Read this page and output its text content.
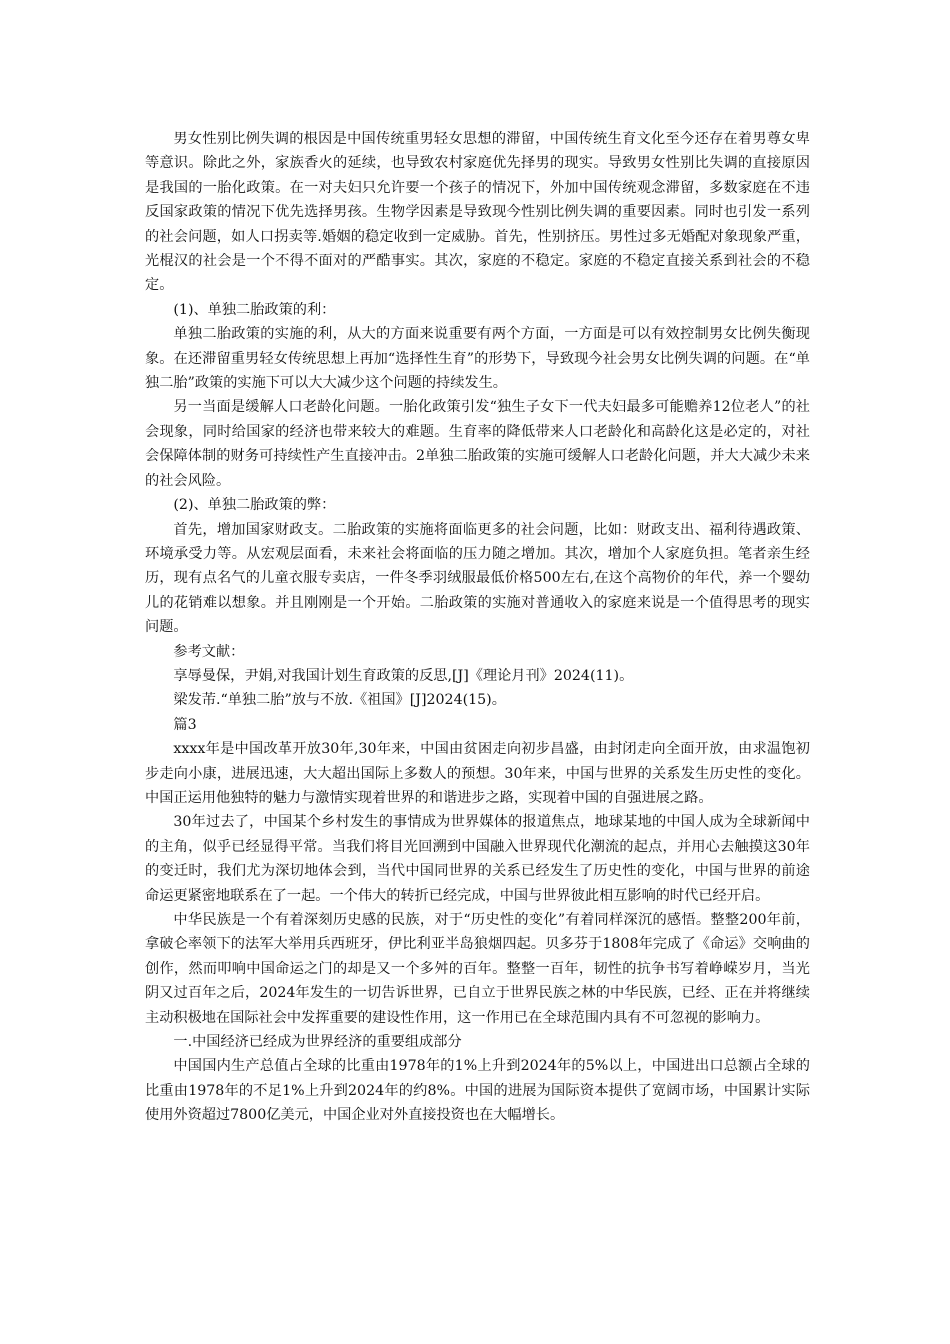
男女性别比例失调的根因是中国传统重男轻女思想的滞留，中国传统生育文化至今还存在着男尊女卑等意识。除此之外，家族香火的延续，也导致农村家庭优先择男的现实。导致男女性别比失调的直接原因是我国的一胎化政策。在一对夫妇只允许要一个孩子的情况下，外加中国传统观念滞留，多数家庭在不违反国家政策的情况下优先选择男孩。生物学因素是导致现今性别比例失调的重要因素。同时也引发一系列的社会问题，如人口拐卖等.婚姻的稳定收到一定威胁。首先，性别挤压。男性过多无婚配对象现象严重，光棍汉的社会是一个不得不面对的严酷事实。其次，家庭的不稳定。家庭的不稳定直接关系到社会的不稳定。

(1)、单独二胎政策的利：

单独二胎政策的实施的利，从大的方面来说重要有两个方面，一方面是可以有效控制男女比例失衡现象。在还滞留重男轻女传统思想上再加“选择性生育”的形势下，导致现今社会男女比例失调的问题。在“单独二胎”政策的实施下可以大大减少这个问题的持续发生。

另一当面是缓解人口老龄化问题。一胎化政策引发“独生子女下一代夫妇最多可能赡养12位老人”的社会现象，同时给国家的经济也带来较大的难题。生育率的降低带来人口老龄化和高龄化这是必定的，对社会保障体制的财务可持续性产生直接冲击。2单独二胎政策的实施可缓解人口老龄化问题，并大大减少未来的社会风险。

(2)、单独二胎政策的弊：

首先，增加国家财政支。二胎政策的实施将面临更多的社会问题，比如：财政支出、福利待遇政策、环境承受力等。从宏观层面看，未来社会将面临的压力随之增加。其次，增加个人家庭负担。笔者亲生经历，现有点名气的儿童衣服专卖店，一件冬季羽绒服最低价格500左右,在这个高物价的年代，养一个婴幼儿的花销难以想象。并且刚刚是一个开始。二胎政策的实施对普通收入的家庭来说是一个值得思考的现实问题。

参考文献：

享辱曼保，尹娟,对我国计划生育政策的反思,[J]《理论月刊》2024(11)。

梁发芾.“单独二胎”放与不放.《祖国》[J]2024(15)。

篇3

xxxx年是中国改革开放30年,30年来，中国由贫困走向初步昌盛，由封闭走向全面开放，由求温饱初步走向小康，进展迅速，大大超出国际上多数人的预想。30年来，中国与世界的关系发生历史性的变化。中国正运用他独特的魅力与激情实现着世界的和谐进步之路，实现着中国的自强进展之路。

30年过去了，中国某个乡村发生的事情成为世界媒体的报道焦点，地球某地的中国人成为全球新闻中的主角，似乎已经显得平常。当我们将目光回溯到中国融入世界现代化潮流的起点，并用心去触摸这30年的变迁时，我们尤为深切地体会到，当代中国同世界的关系已经发生了历史性的变化，中国与世界的前途命运更紧密地联系在了一起。一个伟大的转折已经完成，中国与世界彼此相互影响的时代已经开启。

中华民族是一个有着深刻历史感的民族，对于“历史性的变化”有着同样深沉的感悟。整整200年前，拿破仑率领下的法军大举用兵西班牙，伊比利亚半岛狼烟四起。贝多芬于1808年完成了《命运》交响曲的创作，然而叩响中国命运之门的却是又一个多舛的百年。整整一百年，韧性的抗争书写着峥嵘岁月，当光阴又过百年之后，2024年发生的一切告诉世界，已自立于世界民族之林的中华民族，已经、正在并将继续主动积极地在国际社会中发挥重要的建设性作用，这一作用已在全球范围内具有不可忽视的影响力。

一.中国经济已经成为世界经济的重要组成部分

中国国内生产总值占全球的比重由1978年的1%上升到2024年的5%以上，中国进出口总额占全球的比重由1978年的不足1%上升到2024年的约8%。中国的进展为国际资本提供了宽阔市场，中国累计实际使用外资超过7800亿美元，中国企业对外直接投资也在大幅增长。
